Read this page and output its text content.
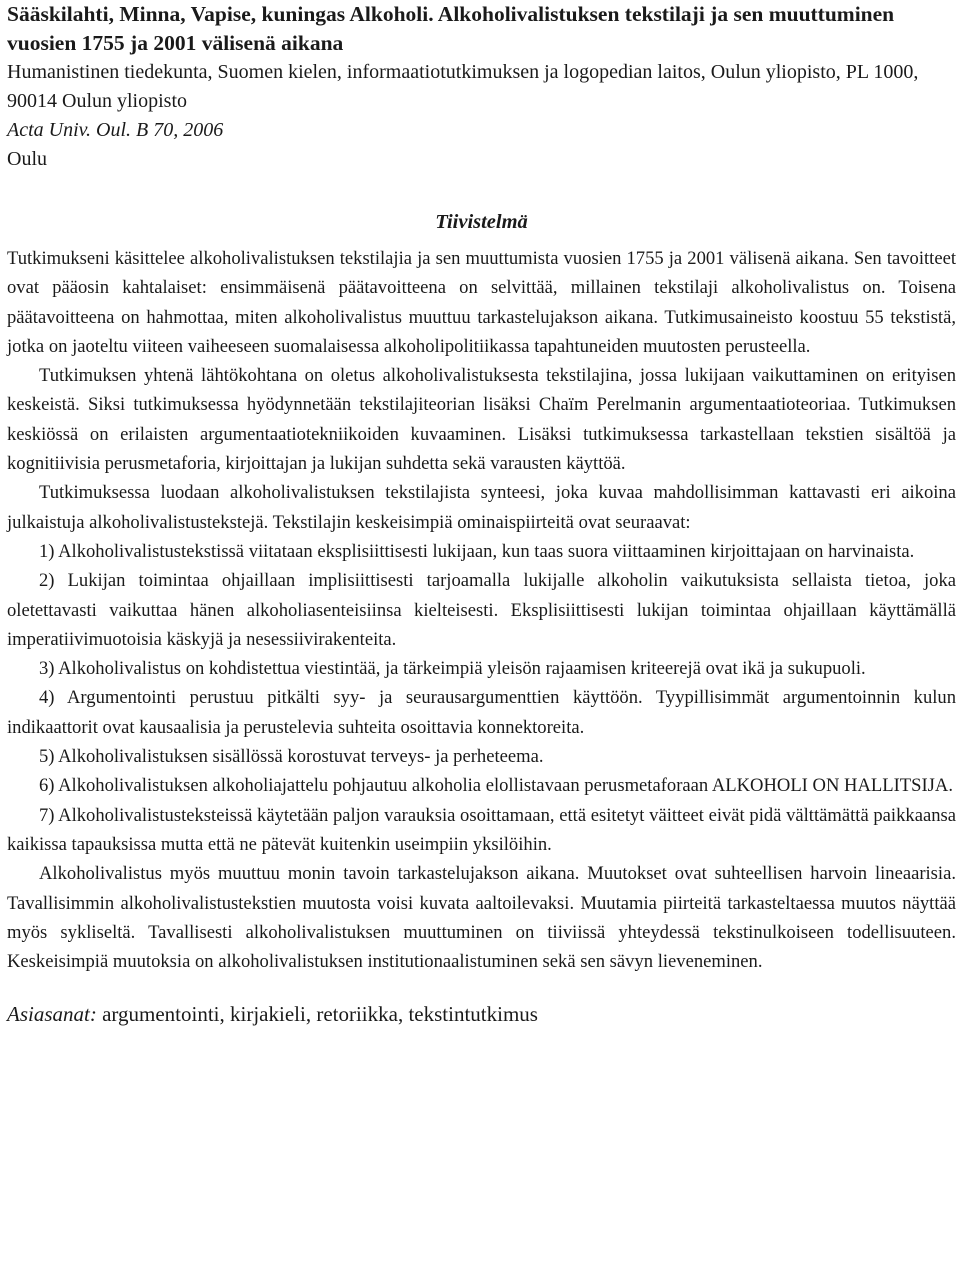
Sääskilahti, Minna, Vapise, kuningas Alkoholi. Alkoholivalistuksen tekstilaji ja sen muuttuminen vuosien 1755 ja 2001 välisenä aikana

Humanistinen tiedekunta, Suomen kielen, informaatiotutkimuksen ja logopedian laitos, Oulun yliopisto, PL 1000, 90014 Oulun yliopisto

Acta Univ. Oul. B 70, 2006

Oulu

Tiivistelmä

Tutkimukseni käsittelee alkoholivalistuksen tekstilajia ja sen muuttumista vuosien 1755 ja 2001 välisenä aikana. Sen tavoitteet ovat pääosin kahtalaiset: ensimmäisenä päätavoitteena on selvittää, millainen tekstilaji alkoholivalistus on. Toisena päätavoitteena on hahmottaa, miten alkoholivalistus muuttuu tarkastelujakson aikana. Tutkimusaineisto koostuu 55 tekstistä, jotka on jaoteltu viiteen vaiheeseen suomalaisessa alkoholipolitiikassa tapahtuneiden muutosten perusteella.

Tutkimuksen yhtenä lähtökohtana on oletus alkoholivalistuksesta tekstilajina, jossa lukijaan vaikuttaminen on erityisen keskeistä. Siksi tutkimuksessa hyödynnetään tekstilajiteorian lisäksi Chaïm Perelmanin argumentaatioteoriaa. Tutkimuksen keskiössä on erilaisten argumentaatiotekniikoiden kuvaaminen. Lisäksi tutkimuksessa tarkastellaan tekstien sisältöä ja kognitiivisia perusmetaforia, kirjoittajan ja lukijan suhdetta sekä varausten käyttöä.

Tutkimuksessa luodaan alkoholivalistuksen tekstilajista synteesi, joka kuvaa mahdollisimman kattavasti eri aikoina julkaistuja alkoholivalistustekstejä. Tekstilajin keskeisimpiä ominaispiirteitä ovat seuraavat:

1) Alkoholivalistustekstissä viitataan eksplisiittisesti lukijaan, kun taas suora viittaaminen kirjoittajaan on harvinaista.

2) Lukijan toimintaa ohjaillaan implisiittisesti tarjoamalla lukijalle alkoholin vaikutuksista sellaista tietoa, joka oletettavasti vaikuttaa hänen alkoholiasenteisiinsa kielteisesti. Eksplisiittisesti lukijan toimintaa ohjaillaan käyttämällä imperatiivimuotoisia käskyjä ja nesessiivirakenteita.

3) Alkoholivalistus on kohdistettua viestintää, ja tärkeimpiä yleisön rajaamisen kriteerejä ovat ikä ja sukupuoli.

4) Argumentointi perustuu pitkälti syy- ja seurausargumenttien käyttöön. Tyypillisimmät argumentoinnin kulun indikaattorit ovat kausaalisia ja perustelevia suhteita osoittavia konnektoreita.

5) Alkoholivalistuksen sisällössä korostuvat terveys- ja perheteema.

6) Alkoholivalistuksen alkoholiajattelu pohjautuu alkoholia elollistavaan perusmetaforaan ALKOHOLI ON HALLITSIJA.

7) Alkoholivalistusteksteissä käytetään paljon varauksia osoittamaan, että esitetyt väitteet eivät pidä välttämättä paikkaansa kaikissa tapauksissa mutta että ne pätevät kuitenkin useimpiin yksilöihin.

Alkoholivalistus myös muuttuu monin tavoin tarkastelujakson aikana. Muutokset ovat suhteellisen harvoin lineaarisia. Tavallisimmin alkoholivalistustekstien muutosta voisi kuvata aaltoilevaksi. Muutamia piirteitä tarkasteltaessa muutos näyttää myös sykliseltä. Tavallisesti alkoholivalistuksen muuttuminen on tiiviissä yhteydessä tekstinulkoiseen todellisuuteen. Keskeisimpiä muutoksia on alkoholivalistuksen institutionaalistuminen sekä sen sävyn lieveneminen.

Asiasanat: argumentointi, kirjakieli, retoriikka, tekstintutkimus
